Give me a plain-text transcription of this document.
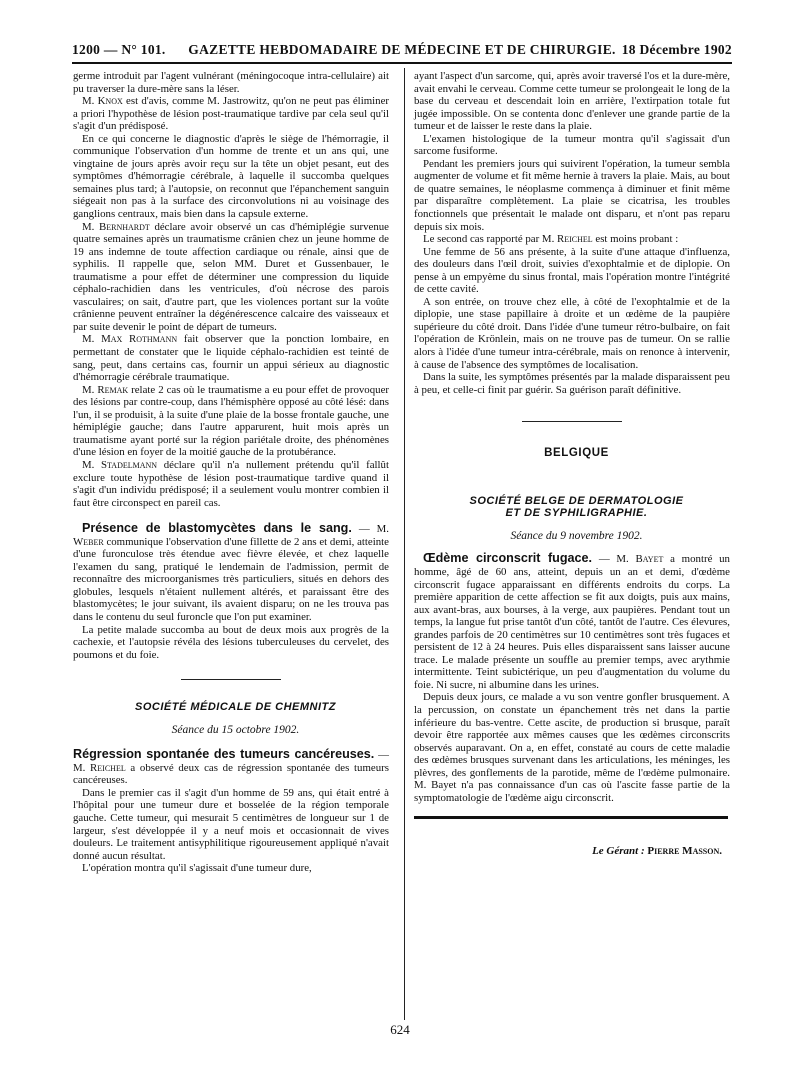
1200 — N° 101.	GAZETTE HEBDOMADAIRE DE MÉDECINE ET DE CHIRURGIE. 18 Décembre 1902

germe introduit par l'agent vulnérant (méningocoque intra-cellulaire) ait pu traverser la dure-mère sans la léser.

M. Knox est d'avis, comme M. Jastrowitz, qu'on ne peut pas éliminer a priori l'hypothèse de lésion post-traumatique tardive par cela seul qu'il s'agit d'un prédisposé.

En ce qui concerne le diagnostic d'après le siège de l'hémorragie, il communique l'observation d'un homme de trente et un ans qui, une vingtaine de jours après avoir reçu sur la tête un objet pesant, eut des symptômes d'hémorragie cérébrale, à laquelle il succomba quelques semaines plus tard; à l'autopsie, on reconnut que l'épanchement sanguin siégeait non pas à la surface des circonvolutions ni au voisinage des ganglions centraux, mais bien dans la capsule externe.

M. Bernhardt déclare avoir observé un cas d'hémiplégie survenue quatre semaines après un traumatisme crânien chez un jeune homme de 19 ans indemne de toute affection cardiaque ou rénale, ainsi que de syphilis. Il rappelle que, selon MM. Duret et Gussenbauer, le traumatisme a pour effet de déterminer une compression du liquide céphalo-rachidien dans les ventricules, d'où nécrose des parois vasculaires; on sait, d'autre part, que les violences portant sur la voûte crânienne peuvent entraîner la dégénérescence calcaire des vaisseaux et par suite devenir le point de départ de tumeurs.

M. Max Rothmann fait observer que la ponction lombaire, en permettant de constater que le liquide céphalo-rachidien est teinté de sang, peut, dans certains cas, fournir un appui sérieux au diagnostic d'hémorragie cérébrale traumatique.

M. Remak relate 2 cas où le traumatisme a eu pour effet de provoquer des lésions par contre-coup, dans l'hémisphère opposé au côté lésé: dans l'un, il se produisit, à la suite d'une plaie de la bosse frontale gauche, une hémiplégie gauche; dans l'autre apparurent, huit mois après un traumatisme ayant porté sur la région pariétale droite, des phénomènes d'une lésion en foyer de la moitié gauche de la protubérance.

M. Stadelmann déclare qu'il n'a nullement prétendu qu'il fallût exclure toute hypothèse de lésion post-traumatique tardive quand il s'agit d'un individu prédisposé; il a seulement voulu montrer combien il faut être circonspect en pareil cas.

Présence de blastomycètes dans le sang. — M. Weber communique l'observation d'une fillette de 2 ans et demi, atteinte d'une furonculose très étendue avec fièvre élevée, et chez laquelle l'examen du sang, pratiqué le lendemain de l'admission, permit de reconnaître des microorganismes très particuliers, situés en dehors des globules, lesquels n'étaient nullement altérés, et paraissant être des blastomycètes; le jour suivant, ils avaient disparu; on ne les trouva pas dans le contenu du seul furoncle que l'on put examiner.

La petite malade succomba au bout de deux mois aux progrès de la cachexie, et l'autopsie révéla des lésions tuberculeuses du cervelet, des poumons et du foie.

SOCIÉTÉ MÉDICALE DE CHEMNITZ

Séance du 15 octobre 1902.

Régression spontanée des tumeurs cancéreuses. — M. Reichel a observé deux cas de régression spontanée des tumeurs cancéreuses.

Dans le premier cas il s'agit d'un homme de 59 ans, qui était entré à l'hôpital pour une tumeur dure et bosselée de la région temporale gauche. Cette tumeur, qui mesurait 5 centimètres de longueur sur 1 de largeur, s'est développée il y a neuf mois et occasionnait de vives douleurs. Le traitement antisyphilitique rigoureusement appliqué n'avait donné aucun résultat.

L'opération montra qu'il s'agissait d'une tumeur dure,

ayant l'aspect d'un sarcome, qui, après avoir traversé l'os et la dure-mère, avait envahi le cerveau. Comme cette tumeur se prolongeait le long de la base du cerveau et descendait loin en arrière, l'extirpation totale fut jugée impossible. On se contenta donc d'enlever une grande partie de la tumeur et de laisser le reste dans la plaie.

L'examen histologique de la tumeur montra qu'il s'agissait d'un sarcome fusiforme.

Pendant les premiers jours qui suivirent l'opération, la tumeur sembla augmenter de volume et fit même hernie à travers la plaie. Mais, au bout de quatre semaines, le néoplasme commença à diminuer et finit même par disparaître complètement. La plaie se cicatrisa, les troubles fonctionnels que présentait le malade ont disparu, et n'ont pas reparu depuis six mois.

Le second cas rapporté par M. Reichel est moins probant :

Une femme de 56 ans présente, à la suite d'une attaque d'influenza, des douleurs dans l'œil droit, suivies d'exophtalmie et de diplopie. On pense à un empyème du sinus frontal, mais l'opération montre l'intégrité de cette cavité.

A son entrée, on trouve chez elle, à côté de l'exophtalmie et de la diplopie, une stase papillaire à droite et un œdème de la paupière supérieure du côté droit. Dans l'idée d'une tumeur rétro-bulbaire, on fait l'opération de Krönlein, mais on ne trouve pas de tumeur. On se rallie alors à l'idée d'une tumeur intra-cérébrale, mais on renonce à intervenir, à cause de l'absence des symptômes de localisation.

Dans la suite, les symptômes présentés par la malade disparaissent peu à peu, et celle-ci finit par guérir. Sa guérison paraît définitive.

BELGIQUE

SOCIÉTÉ BELGE DE DERMATOLOGIE

ET DE SYPHILIGRAPHIE.

Séance du 9 novembre 1902.

Œdème circonscrit fugace. — M. Bayet a montré un homme, âgé de 60 ans, atteint, depuis un an et demi, d'œdème circonscrit fugace apparaissant en différents endroits du corps. La première apparition de cette affection se fit aux doigts, puis aux mains, aux avant-bras, aux bourses, à la verge, aux paupières. Pendant tout un temps, la langue fut prise tantôt d'un côté, tantôt de l'autre. Ces élevures, grandes parfois de 20 centimètres sur 10 centimètres sont très fugaces et persistent de 12 à 24 heures. Puis elles disparaissent sans laisser aucune trace. Le malade présente un souffle au premier temps, avec arythmie intermittente. Teint subictérique, un peu d'augmentation du volume du foie. Ni sucre, ni albumine dans les urines.

Depuis deux jours, ce malade a vu son ventre gonfler brusquement. A la percussion, on constate un épanchement très net dans la partie inférieure du bas-ventre. Cette ascite, de production si brusque, paraît devoir être rapportée aux mêmes causes que les œdèmes circonscrits observés auparavant. On a, en effet, constaté au cours de cette maladie des œdèmes brusques survenant dans les articulations, les méninges, les plèvres, des gonflements de la parotide, même de l'œdème pulmonaire. M. Bayet n'a pas connaissance d'un cas où l'ascite fasse partie de la symptomatologie de l'œdème aigu circonscrit.

Le Gérant : Pierre Masson.

624
